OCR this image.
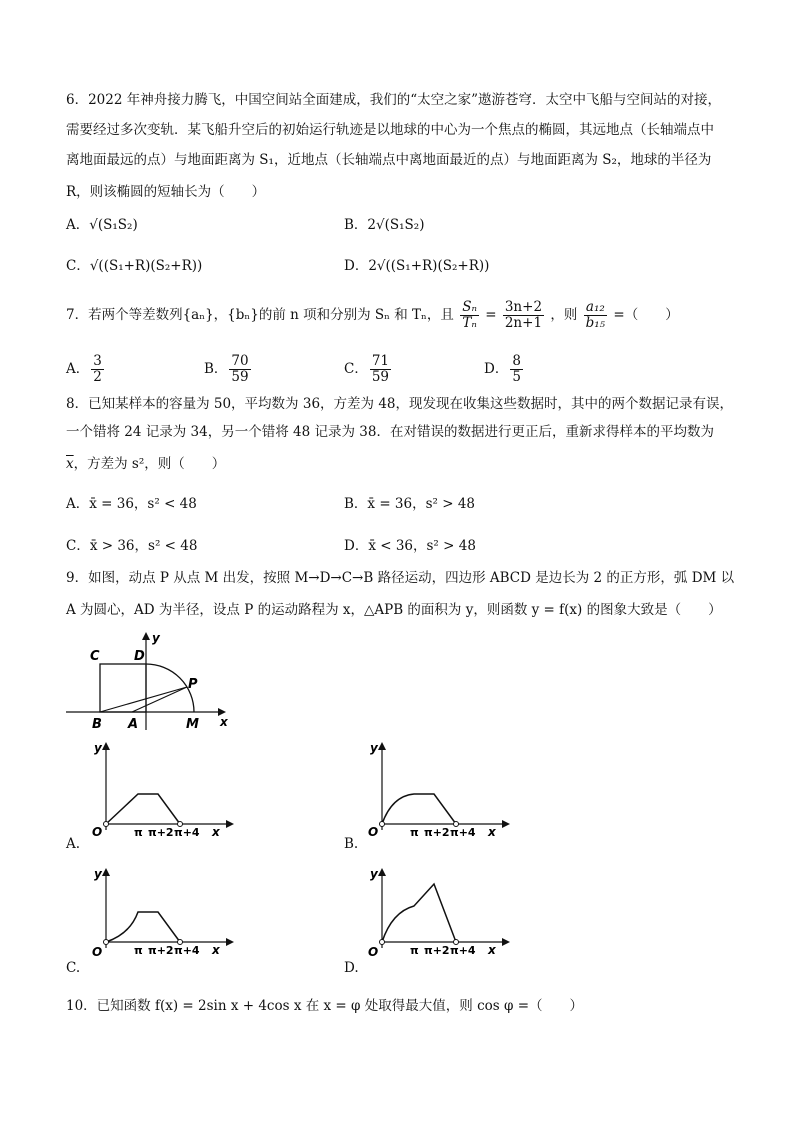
6．2022 年神舟接力腾飞，中国空间站全面建成，我们的“太空之家”遨游苍穹．太空中飞船与空间站的对接，
需要经过多次变轨．某飞船升空后的初始运行轨迹是以地球的中心为一个焦点的椭圆，其远地点（长轴端点中
离地面最远的点）与地面距离为 S₁，近地点（长轴端点中离地面最近的点）与地面距离为 S₂，地球的半径为
R，则该椭圆的短轴长为（　　）
A．√(S₁S₂)	B．2√(S₁S₂)
C．√((S₁+R)(S₂+R))	D．2√((S₁+R)(S₂+R))
7．若两个等差数列{aₙ}，{bₙ}的前 n 项和分别为 Sₙ 和 Tₙ，且 $\frac{\text{Sₙ}}{\text{Tₙ}} = \frac{3n+2}{2n+1}$ ，则 $\frac{\text{a₁₂}}{\text{b₁₅}}$ =（　　）
A． $\frac{3}{2}$	B． $\frac{70}{59}$	C． $\frac{71}{59}$	D． $\frac{8}{5}$
8．已知某样本的容量为 50，平均数为 36，方差为 48，现发现在收集这些数据时，其中的两个数据记录有误，
一个错将 24 记录为 34，另一个错将 48 记录为 38．在对错误的数据进行更正后，重新求得样本的平均数为
$\overline{x}$，方差为 s²，则（　　）
A．x̄ = 36，s² < 48	B．x̄ = 36，s² > 48
C．x̄ > 36，s² < 48	D．x̄ < 36，s² > 48
9．如图，动点 P 从点 M 出发，按照 M→D→C→B 路径运动，四边形 ABCD 是边长为 2 的正方形，弧 DM 以
A 为圆心，AD 为半径，设点 P 的运动路程为 x，△APB 的面积为 y，则函数 y = f(x) 的图象大致是（　　）
C	D
P
B A	M x
y
y
O	x
π π+2 π+4
A.
y
O	x
π π+2 π+4
B.
y
O	x
π π+2 π+4
C.
y
O	x
π π+2 π+4
D.
10．已知函数 f(x) = 2sin x + 4cos x 在 x = φ 处取得最大值，则 cos φ =（　　）
